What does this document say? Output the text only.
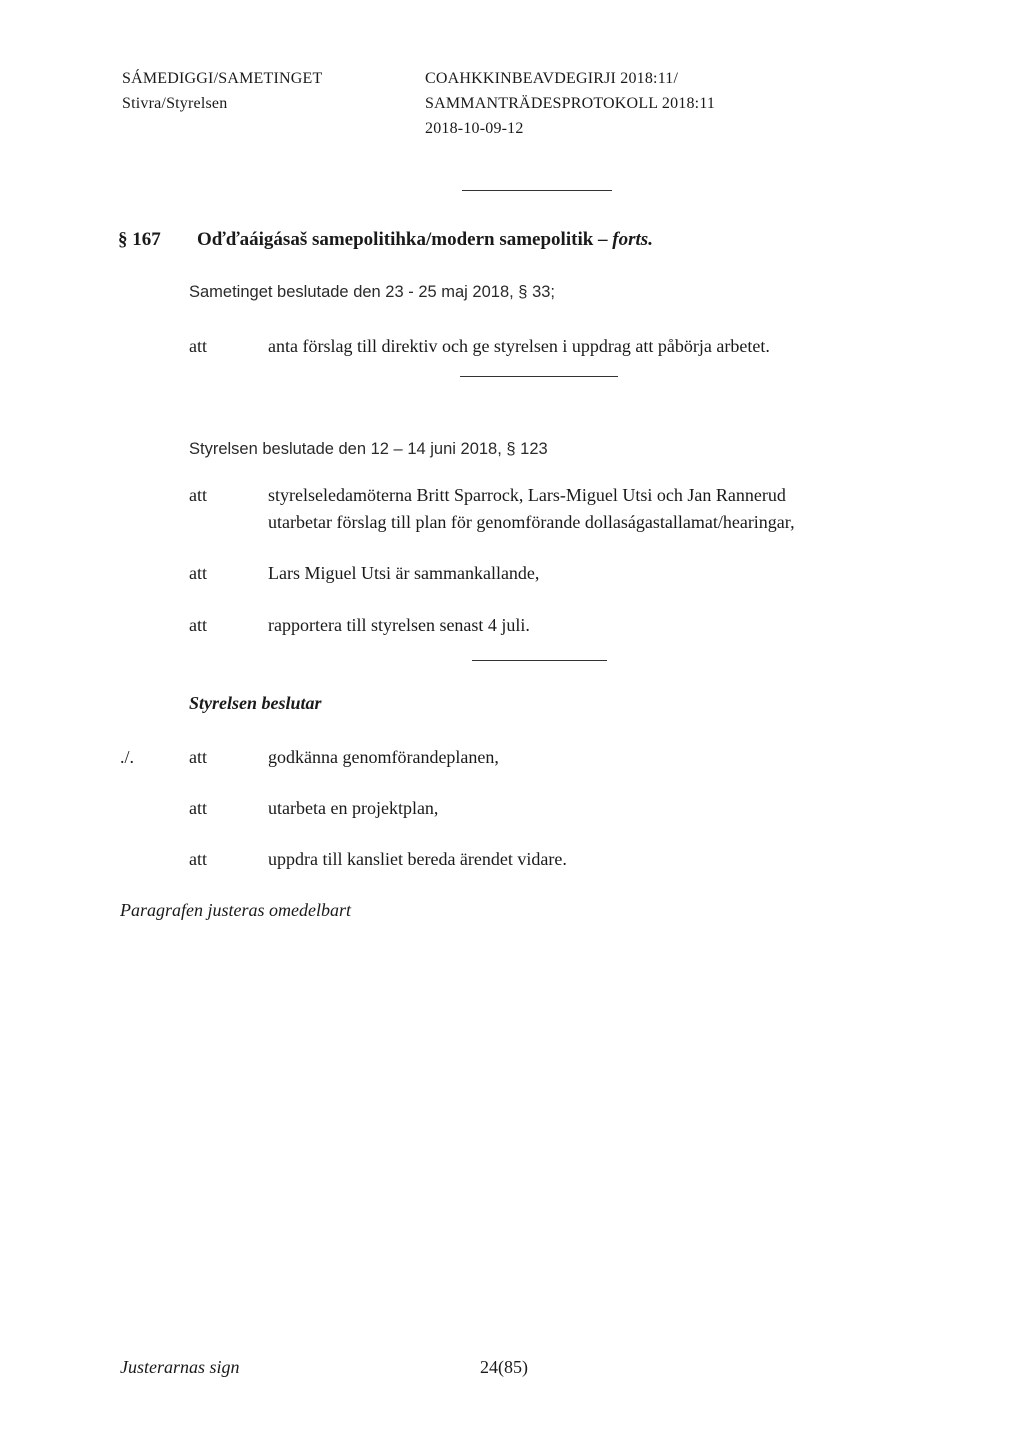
SÁMEDIGGI/SAMETINGET
Stivra/Styrelsen
COAHKKINBEAVDEGIRJI 2018:11/
SAMMANTRÄDESPROTOKOLL 2018:11
2018-10-09-12
§ 167 Oďďaáigásaš samepolitihka/modern samepolitik – forts.
Sametinget beslutade den 23 - 25 maj 2018, § 33;
att	anta förslag till direktiv och ge styrelsen i uppdrag att påbörja arbetet.
Styrelsen beslutade den 12 – 14 juni 2018, § 123
att	styrelseledamöterna Britt Sparrock, Lars-Miguel Utsi och Jan Rannerud
utarbetar förslag till plan för genomförande dollaságastallamat/hearingar,
att	Lars Miguel Utsi är sammankallande,
att	rapportera till styrelsen senast 4 juli.
Styrelsen beslutar
./.	att	godkänna genomförandeplanen,
att	utarbeta en projektplan,
att	uppdra till kansliet bereda ärendet vidare.
Paragrafen justeras omedelbart
Justerarnas sign	24(85)
